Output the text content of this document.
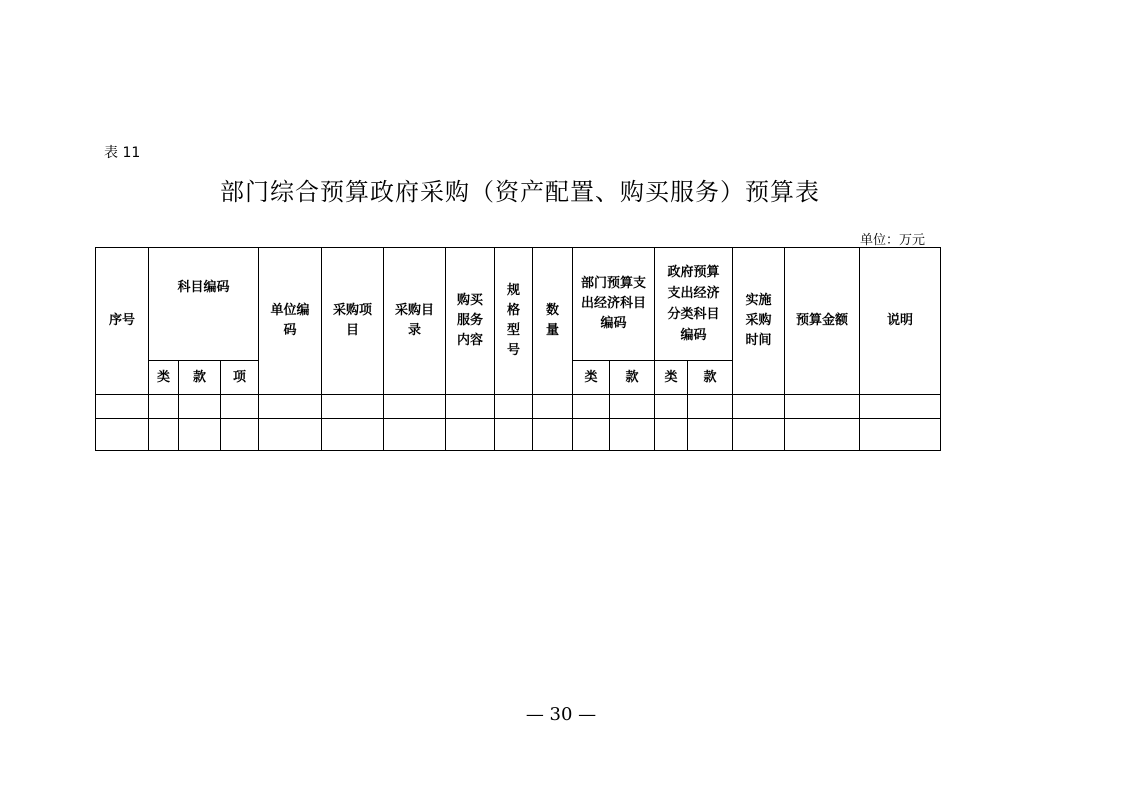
表 11
部门综合预算政府采购（资产配置、购买服务）预算表
单位：万元
序号	科目编码			单位编码	采购项目	采购目录	购买服务内容	规格型号	数量	部门预算支出经济科目编码		政府预算支出经济分类科目编码		实施采购时间	预算金额	说明
	类	款	项							类	款	类	款			

— 30 —
